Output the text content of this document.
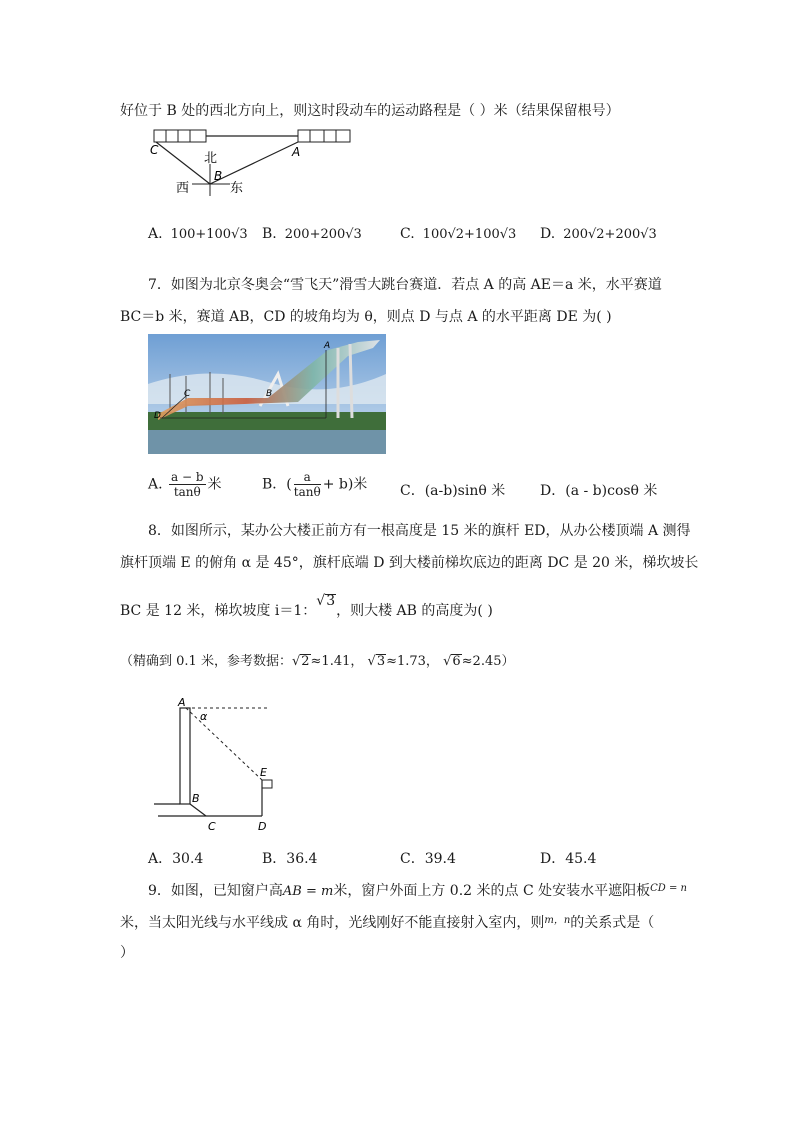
好位于 B 处的西北方向上，则这时段动车的运动路程是（ ）米（结果保留根号）
C	A
北
B
西	东
A. 100+100√3 B. 200+200√3	C. 100√2+100√3 D. 200√2+200√3
7．如图为北京冬奥会“雪飞天”滑雪大跳台赛道．若点 A 的高 AE＝a 米，水平赛道
BC＝b 米，赛道 AB，CD 的坡角均为 θ，则点 D 与点 A 的水平距离 DE 为( )
A
B
C
D
A. $\frac{a - b}{\tan\theta}$ 米	B．( $\frac{a}{\tan\theta} + b$)米 C．(a-b)sinθ 米 D．(a - b)cosθ 米
8．如图所示，某办公大楼正前方有一根高度是 15 米的旗杆 ED，从办公楼顶端 A 测得
旗杆顶端 E 的俯角 α 是 45°，旗杆底端 D 到大楼前梯坎底边的距离 DC 是 20 米，梯坎坡长
BC 是 12 米，梯坎坡度 i＝1：√ 3，则大楼 AB 的高度为( )
（精确到 0.1 米，参考数据： √ 2≈1.41， √ 3≈1.73， √ 6≈2.45）
A
α
E
B
C	D
A．30.4	B．36.4	C．39.4	D．45.4
9．如图，已知窗户高AB = m米，窗户外面上方 0.2 米的点 C 处安装水平遮阳板$^{CD = n}$
米，当太阳光线与水平线成 α 角时，光线刚好不能直接射入室内，则$^{m,n}$的关系式是（
）
